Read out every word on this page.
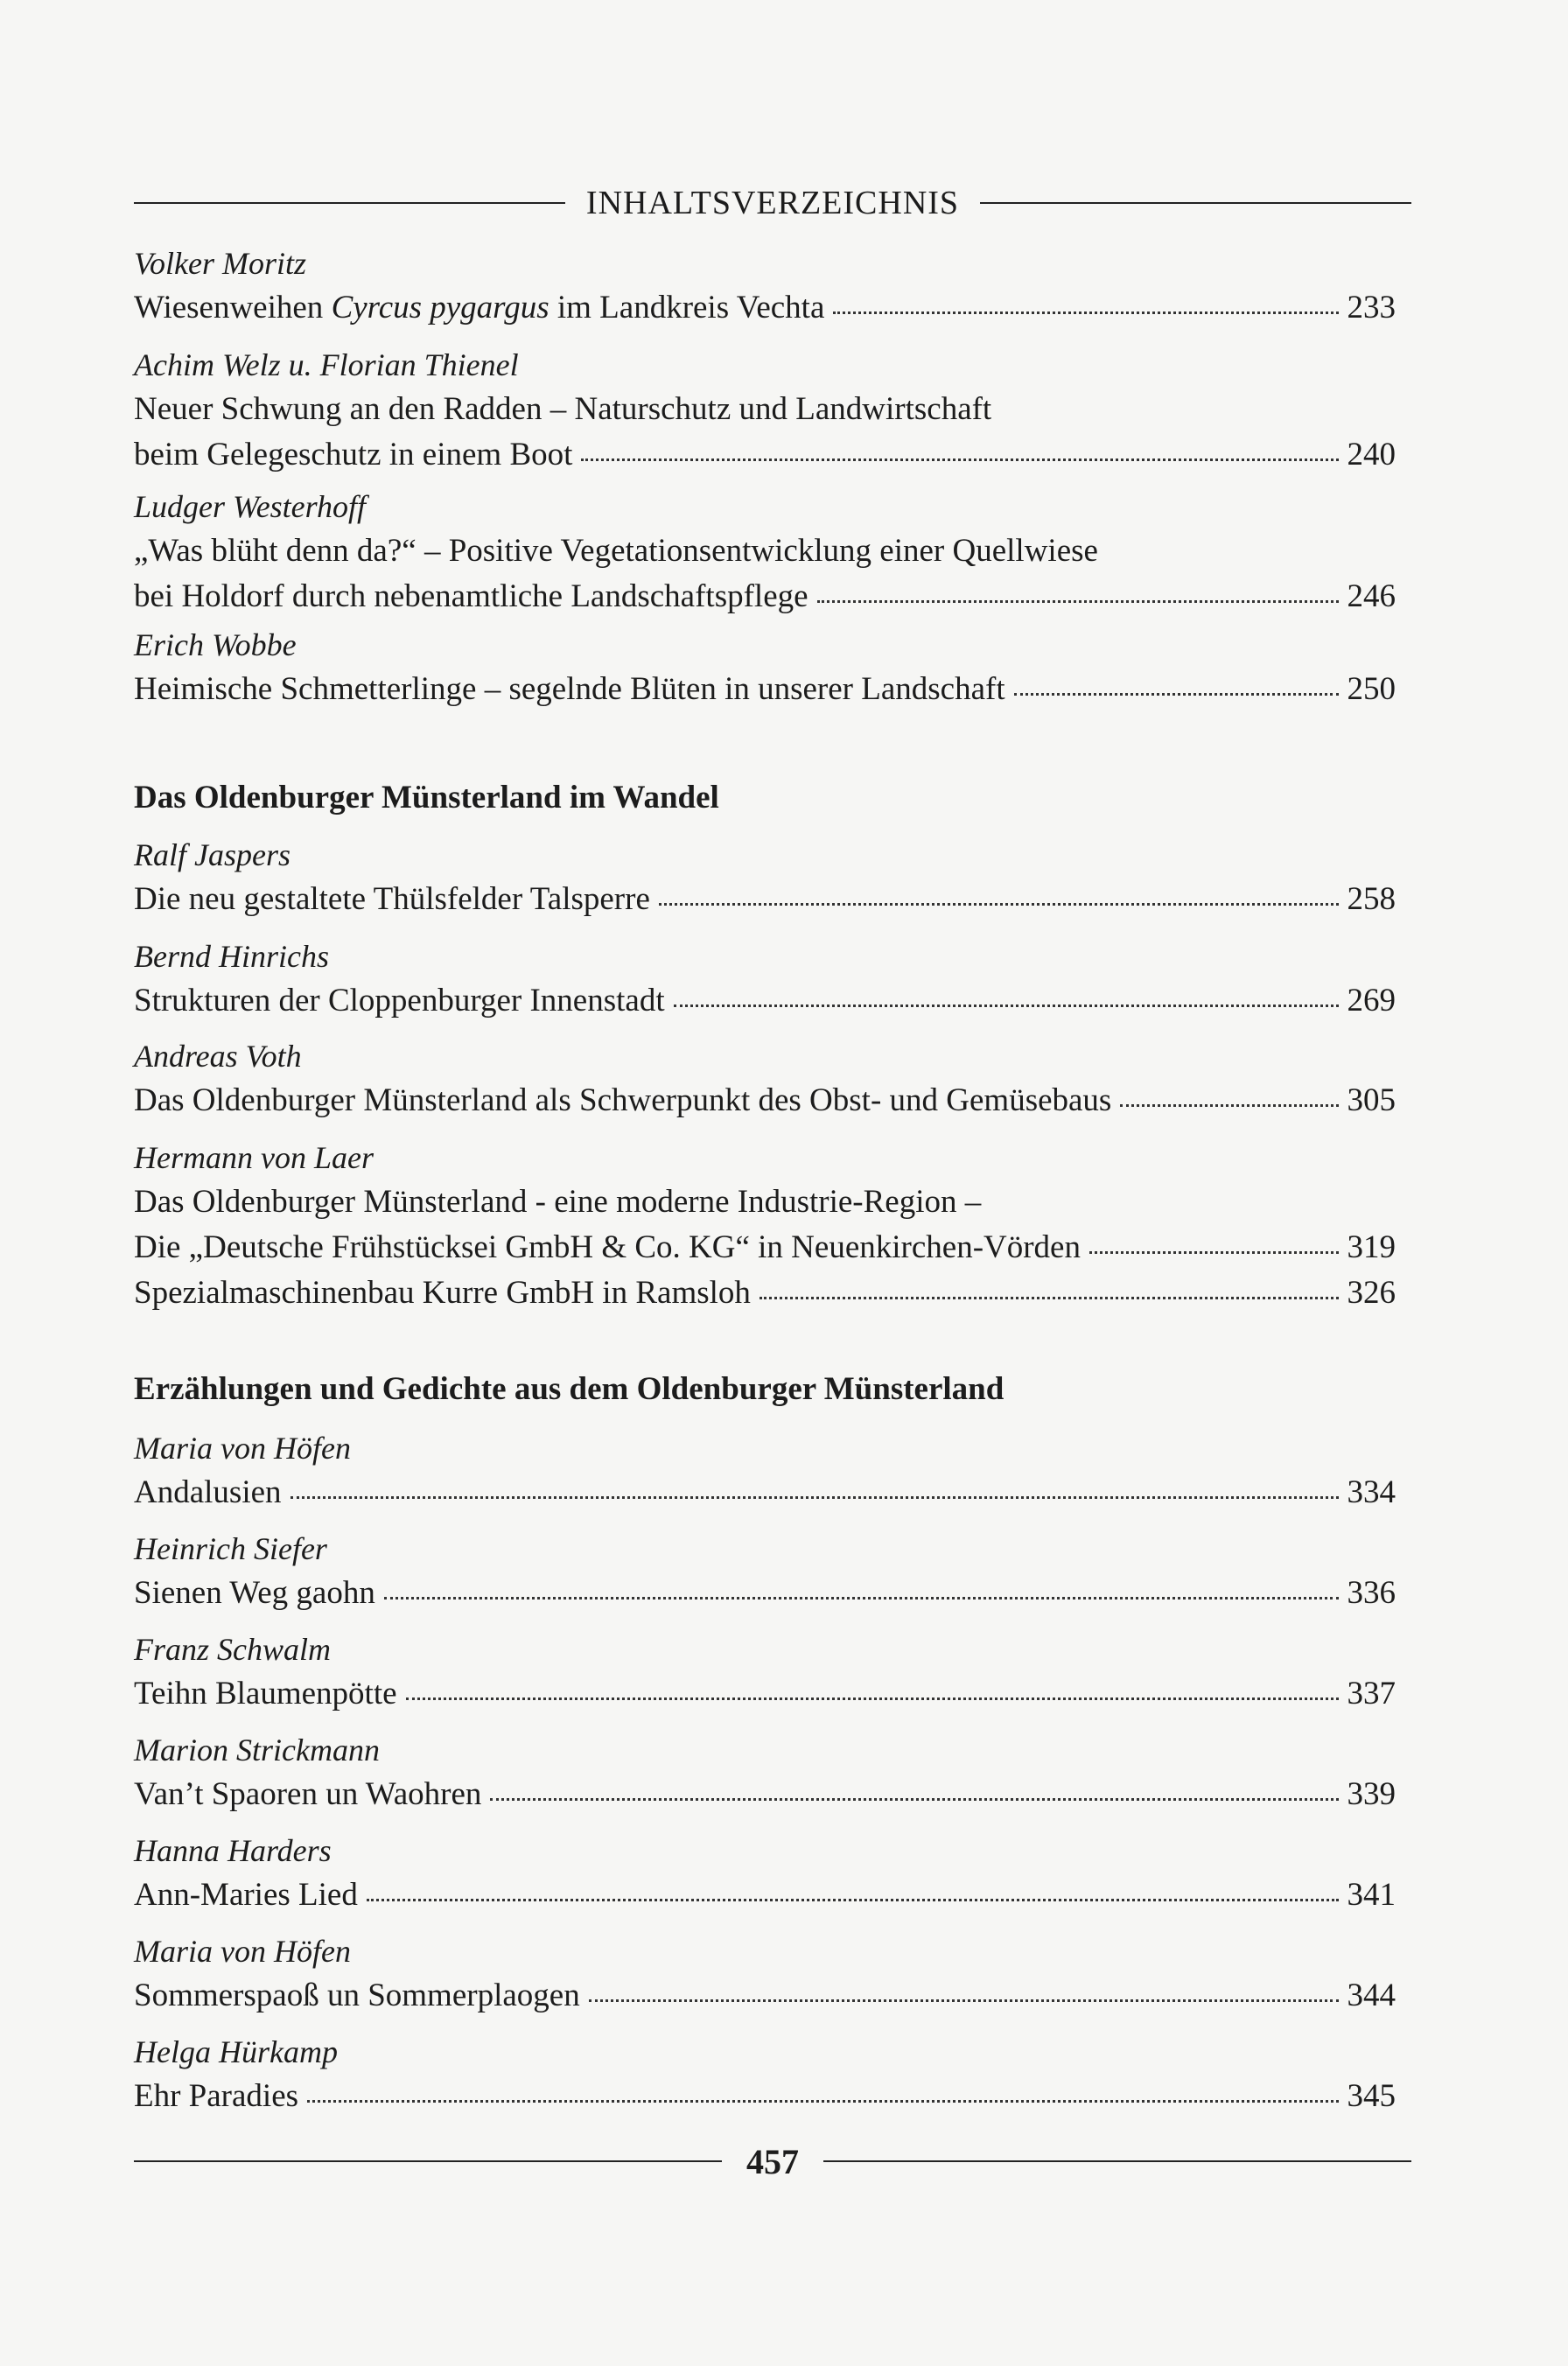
INHALTSVERZEICHNIS
Volker Moritz
Wiesenweihen Cyrcus pygargus im Landkreis Vechta	233
Achim Welz u. Florian Thienel
Neuer Schwung an den Radden – Naturschutz und Landwirtschaft
beim Gelegeschutz in einem Boot	240
Ludger Westerhoff
„Was blüht denn da?“ – Positive Vegetationsentwicklung einer Quellwiese
bei Holdorf durch nebenamtliche Landschaftspflege	246
Erich Wobbe
Heimische Schmetterlinge – segelnde Blüten in unserer Landschaft	250
Das Oldenburger Münsterland im Wandel
Ralf Jaspers
Die neu gestaltete Thülsfelder Talsperre	258
Bernd Hinrichs
Strukturen der Cloppenburger Innenstadt	269
Andreas Voth
Das Oldenburger Münsterland als Schwerpunkt des Obst- und Gemüsebaus	305
Hermann von Laer
Das Oldenburger Münsterland - eine moderne Industrie-Region –
Die „Deutsche Frühstücksei GmbH & Co. KG“ in Neuenkirchen-Vörden	319
Spezialmaschinenbau Kurre GmbH in Ramsloh	326
Erzählungen und Gedichte aus dem Oldenburger Münsterland
Maria von Höfen
Andalusien	334
Heinrich Siefer
Sienen Weg gaohn	336
Franz Schwalm
Teihn Blaumenpötte	337
Marion Strickmann
Van’t Spaoren un Waohren	339
Hanna Harders
Ann-Maries Lied	341
Maria von Höfen
Sommerspaoß un Sommerplaogen	344
Helga Hürkamp
Ehr Paradies	345
457
